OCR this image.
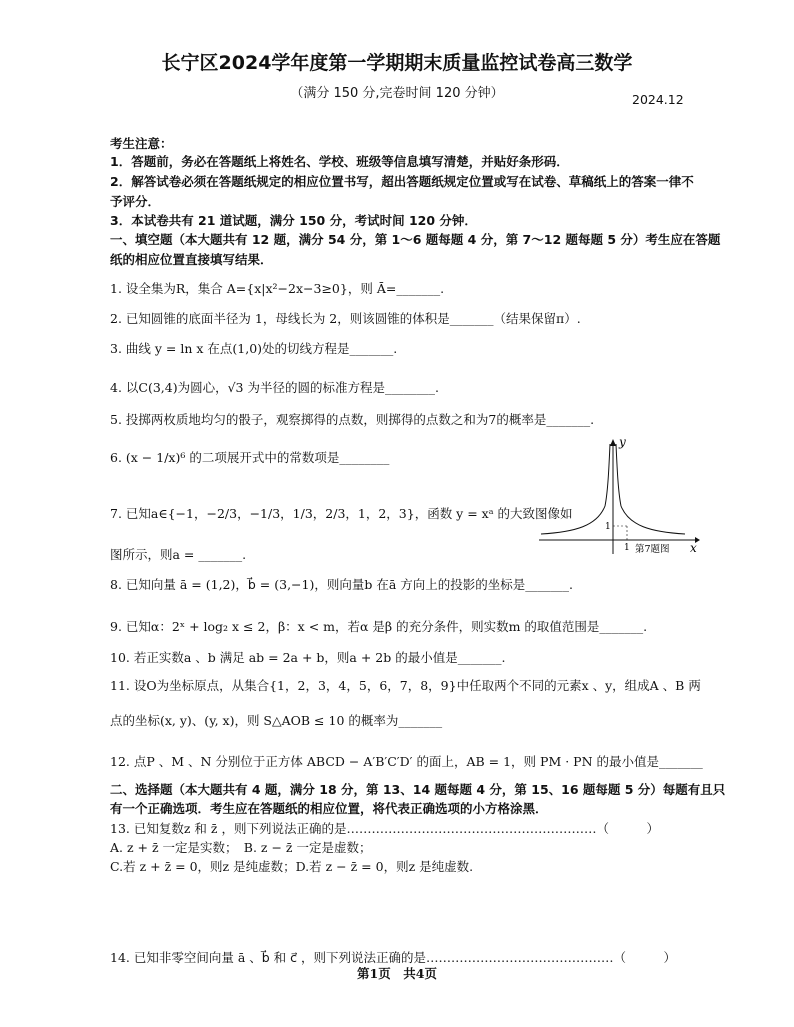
长宁区2024学年度第一学期期末质量监控试卷高三数学
（满分 150 分,完卷时间 120 分钟）	2024.12
考生注意：
1．答题前，务必在答题纸上将姓名、学校、班级等信息填写清楚，并贴好条形码．
2．解答试卷必须在答题纸规定的相应位置书写，超出答题纸规定位置或写在试卷、草稿纸上的答案一律不
予评分．
3．本试卷共有 21 道试题，满分 150 分，考试时间 120 分钟．
一、填空题（本大题共有 12 题，满分 54 分，第 1～6 题每题 4 分，第 7～12 题每题 5 分）考生应在答题
纸的相应位置直接填写结果．
1. 设全集为R，集合 A={x|x²−2x−3≥0}，则 Ā=_______.
2. 已知圆锥的底面半径为 1，母线长为 2，则该圆锥的体积是_______（结果保留π）.
3. 曲线 y = ln x 在点(1,0)处的切线方程是_______.
4. 以C(3,4)为圆心，√3 为半径的圆的标准方程是________.
5. 投掷两枚质地均匀的骰子，观察掷得的点数，则掷得的点数之和为7的概率是_______.
6. (x − 1/x)⁶ 的二项展开式中的常数项是________
7. 已知a∈{−1，−2/3，−1/3，1/3，2/3，1，2，3}，函数 y = xᵃ 的大致图像如
图所示，则a = _______.
y
x
1
1 第7题图
8. 已知向量 ā = (1,2)，b⃗ = (3,−1)，则向量b 在ā 方向上的投影的坐标是_______.
9. 已知α：2ˣ + log₂ x ≤ 2，β：x < m，若α 是β 的充分条件，则实数m 的取值范围是_______.
10. 若正实数a 、b 满足 ab = 2a + b，则a + 2b 的最小值是_______.
11. 设O为坐标原点，从集合{1，2，3，4，5，6，7，8，9}中任取两个不同的元素x 、y，组成A 、B 两
点的坐标(x, y)、(y, x)，则 S△AOB ≤ 10 的概率为_______
12. 点P 、M 、N 分别位于正方体 ABCD − A′B′C′D′ 的面上，AB = 1，则 PM · PN 的最小值是_______
二、选择题（本大题共有 4 题，满分 18 分，第 13、14 题每题 4 分，第 15、16 题每题 5 分）每题有且只
有一个正确选项．考生应在答题纸的相应位置，将代表正确选项的小方格涂黑．
13. 已知复数z 和 z̄ ，则下列说法正确的是……………………………………………………（　　　）
A. z + z̄ 一定是实数；　B. z − z̄ 一定是虚数；
C.若 z + z̄ = 0，则z 是纯虚数；D.若 z − z̄ = 0，则z 是纯虚数.
14. 已知非零空间向量 ā 、b⃗ 和 c⃗ ，则下列说法正确的是………………………………………（　　　）
第1页　共4页
